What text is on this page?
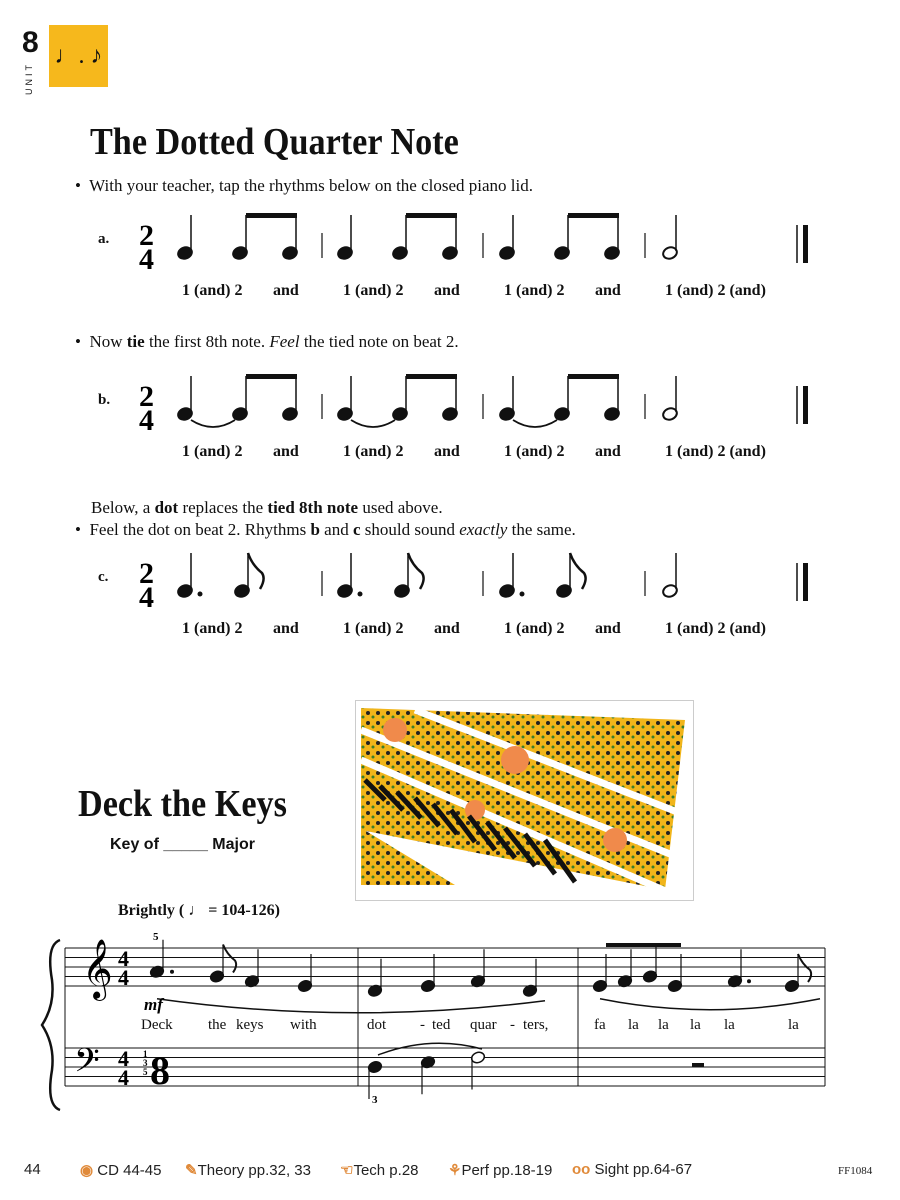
8
UNIT
♩. ♪
The Dotted Quarter Note
•  With your teacher, tap the rhythms below on the closed piano lid.
•  Now tie the first 8th note. Feel the tied note on beat 2.
Below, a dot replaces the tied 8th note used above.
•  Feel the dot on beat 2. Rhythms b and c should sound exactly the same.
a. 2
4
1 (and) 2 and	1 (and) 2 and	1 (and) 2 and	1 (and) 2 (and)
b. 2
4
1 (and) 2 and	1 (and) 2 and	1 (and) 2 and	1 (and) 2 (and)
c. 2
4
1 (and) 2 and	1 (and) 2 and	1 (and) 2 and	1 (and) 2 (and)
Deck the Keys
Key of _____ Major
Brightly ( ♩ = 104-126)
𝄞
𝄢
4
4
4
4
1
3
5 8
5
3
mf
Deck the keys with	dot - ted quar - ters,	fa la la la la	la
44	◉ CD 44-45 ✎Theory pp.32, 33 ☜Tech p.28 ⚘Perf pp.18-19 oo Sight pp.64-67	FF1084
